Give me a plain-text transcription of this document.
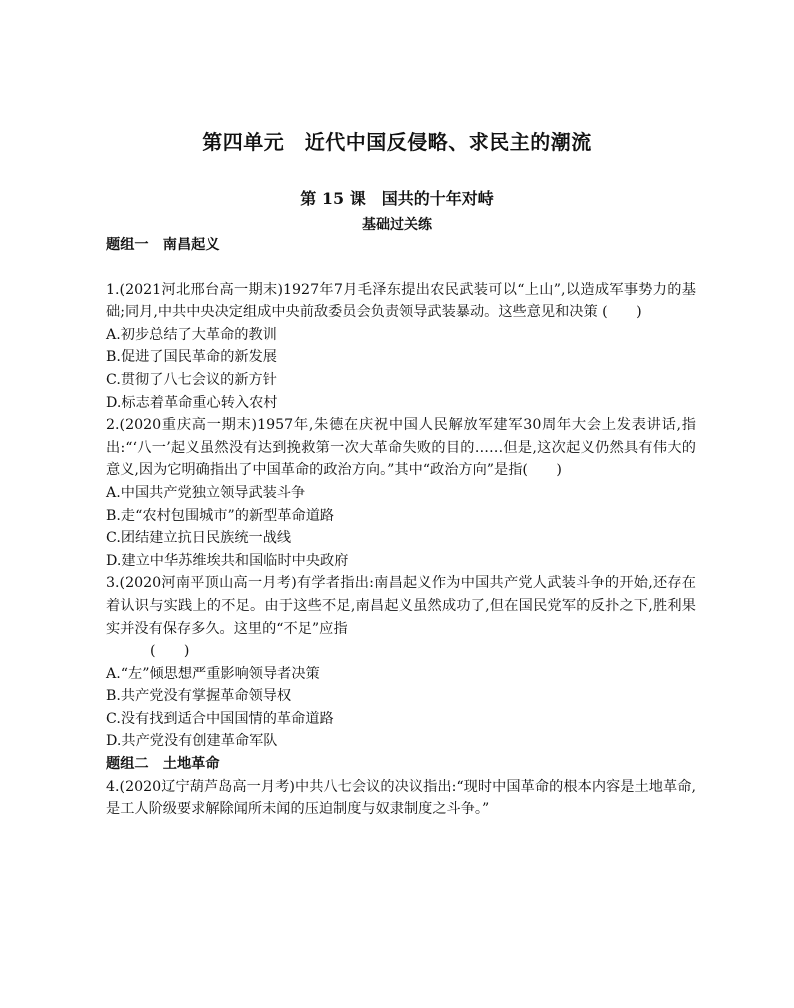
第四单元　近代中国反侵略、求民主的潮流
第 15 课　国共的十年对峙
基础过关练
题组一　南昌起义
1.(2021河北邢台高一期末)1927年7月毛泽东提出农民武装可以“上山”,以造成军事势力的基础;同月,中共中央决定组成中央前敌委员会负责领导武装暴动。这些意见和决策 (　　)
A.初步总结了大革命的教训
B.促进了国民革命的新发展
C.贯彻了八七会议的新方针
D.标志着革命重心转入农村
2.(2020重庆高一期末)1957年,朱德在庆祝中国人民解放军建军30周年大会上发表讲话,指出:“‘八一’起义虽然没有达到挽救第一次大革命失败的目的……但是,这次起义仍然具有伟大的意义,因为它明确指出了中国革命的政治方向。”其中“政治方向”是指(　　)
A.中国共产党独立领导武装斗争
B.走“农村包围城市”的新型革命道路
C.团结建立抗日民族统一战线
D.建立中华苏维埃共和国临时中央政府
3.(2020河南平顶山高一月考)有学者指出:南昌起义作为中国共产党人武装斗争的开始,还存在着认识与实践上的不足。由于这些不足,南昌起义虽然成功了,但在国民党军的反扑之下,胜利果实并没有保存多久。这里的“不足”应指
(　　)
A.“左”倾思想严重影响领导者决策
B.共产党没有掌握革命领导权
C.没有找到适合中国国情的革命道路
D.共产党没有创建革命军队
题组二　土地革命
4.(2020辽宁葫芦岛高一月考)中共八七会议的决议指出:“现时中国革命的根本内容是土地革命,是工人阶级要求解除闻所未闻的压迫制度与奴隶制度之斗争。”
